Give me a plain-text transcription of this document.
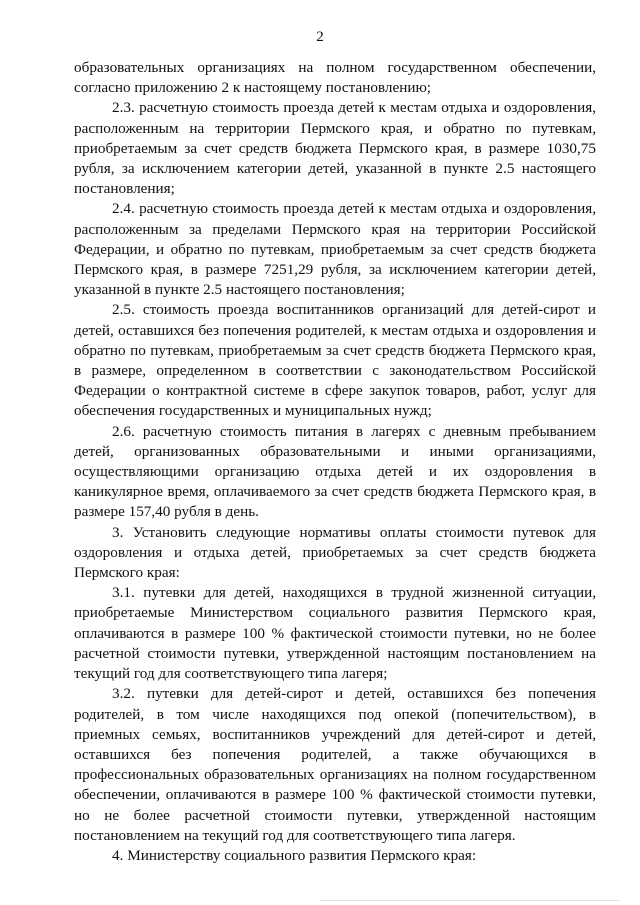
2

образовательных организациях на полном государственном обеспечении, согласно приложению 2 к настоящему постановлению;

2.3. расчетную стоимость проезда детей к местам отдыха и оздоровления, расположенным на территории Пермского края, и обратно по путевкам, приобретаемым за счет средств бюджета Пермского края, в размере 1030,75 рубля, за исключением категории детей, указанной в пункте 2.5 настоящего постановления;

2.4. расчетную стоимость проезда детей к местам отдыха и оздоровления, расположенным за пределами Пермского края на территории Российской Федерации, и обратно по путевкам, приобретаемым за счет средств бюджета Пермского края, в размере 7251,29 рубля, за исключением категории детей, указанной в пункте 2.5 настоящего постановления;

2.5. стоимость проезда воспитанников организаций для детей-сирот и детей, оставшихся без попечения родителей, к местам отдыха и оздоровления и обратно по путевкам, приобретаемым за счет средств бюджета Пермского края, в размере, определенном в соответствии с законодательством Российской Федерации о контрактной системе в сфере закупок товаров, работ, услуг для обеспечения государственных и муниципальных нужд;

2.6. расчетную стоимость питания в лагерях с дневным пребыванием детей, организованных образовательными и иными организациями, осуществляющими организацию отдыха детей и их оздоровления в каникулярное время, оплачиваемого за счет средств бюджета Пермского края, в размере 157,40 рубля в день.

3. Установить следующие нормативы оплаты стоимости путевок для оздоровления и отдыха детей, приобретаемых за счет средств бюджета Пермского края:

3.1. путевки для детей, находящихся в трудной жизненной ситуации, приобретаемые Министерством социального развития Пермского края, оплачиваются в размере 100 % фактической стоимости путевки, но не более расчетной стоимости путевки, утвержденной настоящим постановлением на текущий год для соответствующего типа лагеря;

3.2. путевки для детей-сирот и детей, оставшихся без попечения родителей, в том числе находящихся под опекой (попечительством), в приемных семьях, воспитанников учреждений для детей-сирот и детей, оставшихся без попечения родителей, а также обучающихся в профессиональных образовательных организациях на полном государственном обеспечении, оплачиваются в размере 100 % фактической стоимости путевки, но не более расчетной стоимости путевки, утвержденной настоящим постановлением на текущий год для соответствующего типа лагеря.

4. Министерству социального развития Пермского края:
